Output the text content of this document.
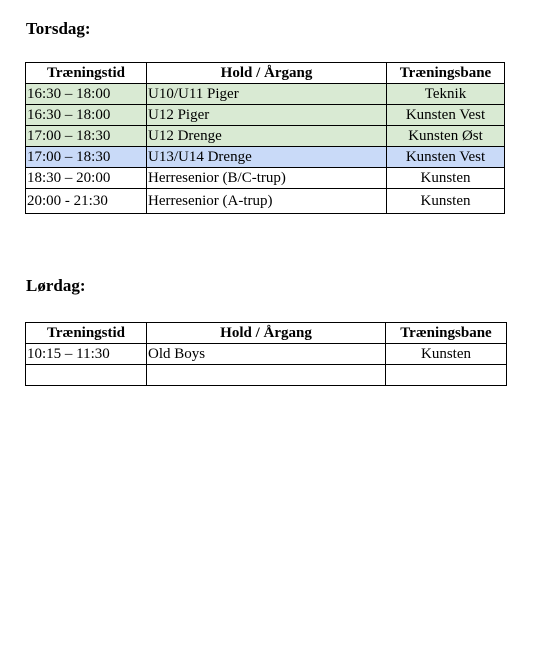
Torsdag:
Træningstid	Hold / Årgang	Træningsbane
16:30 – 18:00	U10/U11 Piger	Teknik
16:30 – 18:00	U12 Piger	Kunsten Vest
17:00 – 18:30	U12 Drenge	Kunsten Øst
17:00 – 18:30	U13/U14 Drenge	Kunsten Vest
18:30 – 20:00	Herresenior (B/C-trup)	Kunsten
20:00 - 21:30	Herresenior (A-trup)	Kunsten
Lørdag:
Træningstid	Hold / Årgang	Træningsbane
10:15 – 11:30	Old Boys	Kunsten
